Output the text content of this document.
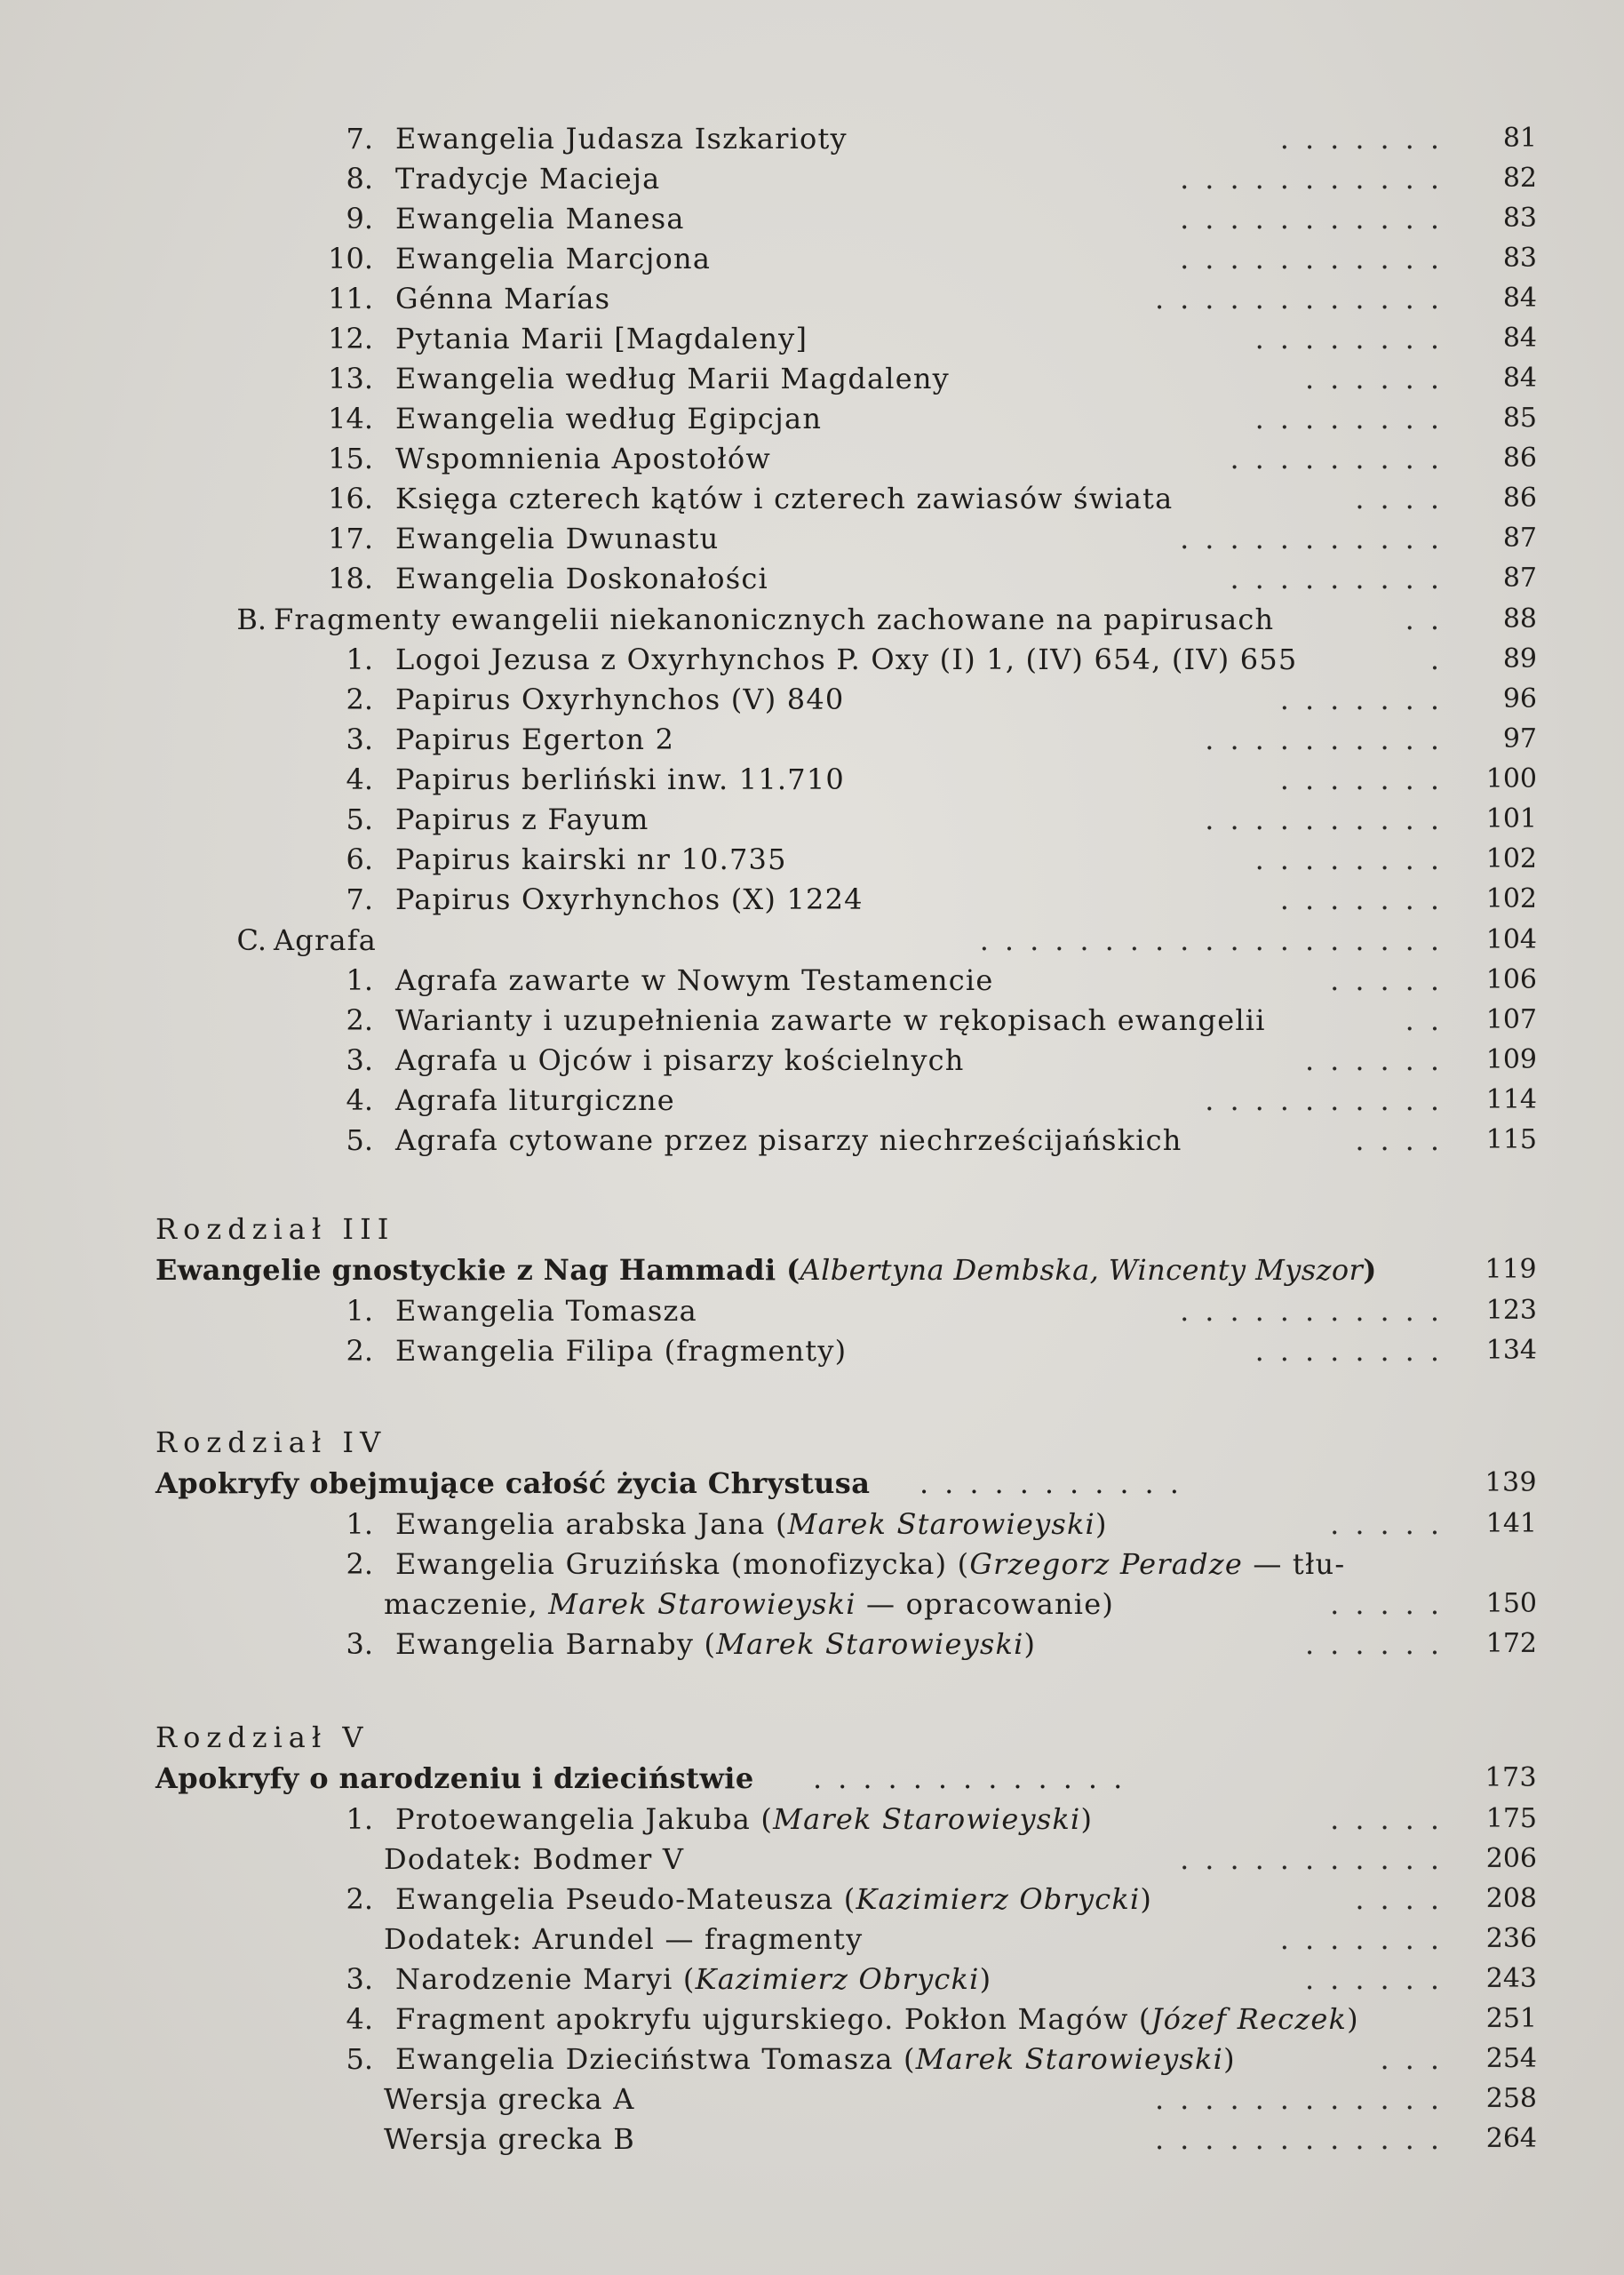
7. Ewangelia Judasza Iszkarioty	.......	81
8. Tradycje Macieja	...........	82
9. Ewangelia Manesa	...........	83
10. Ewangelia Marcjona	...........	83
11. Génna Marías	............	84
12. Pytania Marii [Magdaleny]	........	84
13. Ewangelia według Marii Magdaleny	......	84
14. Ewangelia według Egipcjan	........	85
15. Wspomnienia Apostołów	.........	86
16. Księga czterech kątów i czterech zawiasów świata	....	86
17. Ewangelia Dwunastu	...........	87
18. Ewangelia Doskonałości	.........	87
B. Fragmenty ewangelii niekanonicznych zachowane na papirusach	..	88
1. Logoi Jezusa z Oxyrhynchos P. Oxy (I) 1, (IV) 654, (IV) 655	.	89
2. Papirus Oxyrhynchos (V) 840	.......	96
3. Papirus Egerton 2	..........	97
4. Papirus berliński inw. 11.710	.......	100
5. Papirus z Fayum	..........	101
6. Papirus kairski nr 10.735	........	102
7. Papirus Oxyrhynchos (X) 1224	.......	102
C. Agrafa	...................	104
1. Agrafa zawarte w Nowym Testamencie	.....	106
2. Warianty i uzupełnienia zawarte w rękopisach ewangelii	..	107
3. Agrafa u Ojców i pisarzy kościelnych	......	109
4. Agrafa liturgiczne	..........	114
5. Agrafa cytowane przez pisarzy niechrześcijańskich	....	115
Rozdział III
Ewangelie gnostyckie z Nag Hammadi (Albertyna Dembska, Wincenty Myszor)	119
1. Ewangelia Tomasza	...........	123
2. Ewangelia Filipa (fragmenty)	........	134
Rozdział IV
Apokryfy obejmujące całość życia Chrystusa ...........	139
1. Ewangelia arabska Jana (Marek Starowieyski)	.....	141
2. Ewangelia Gruzińska (monofizycka) (Grzegorz Peradze — tłu-
maczenie, Marek Starowieyski — opracowanie)	.....	150
3. Ewangelia Barnaby (Marek Starowieyski)	......	172
Rozdział V
Apokryfy o narodzeniu i dzieciństwie .............	173
1. Protoewangelia Jakuba (Marek Starowieyski)	.....	175
Dodatek: Bodmer V	...........	206
2. Ewangelia Pseudo-Mateusza (Kazimierz Obrycki)	....	208
Dodatek: Arundel — fragmenty	.......	236
3. Narodzenie Maryi (Kazimierz Obrycki)	......	243
4. Fragment apokryfu ujgurskiego. Pokłon Magów (Józef Reczek)	251
5. Ewangelia Dzieciństwa Tomasza (Marek Starowieyski)	...	254
Wersja grecka A	............	258
Wersja grecka B	............	264
